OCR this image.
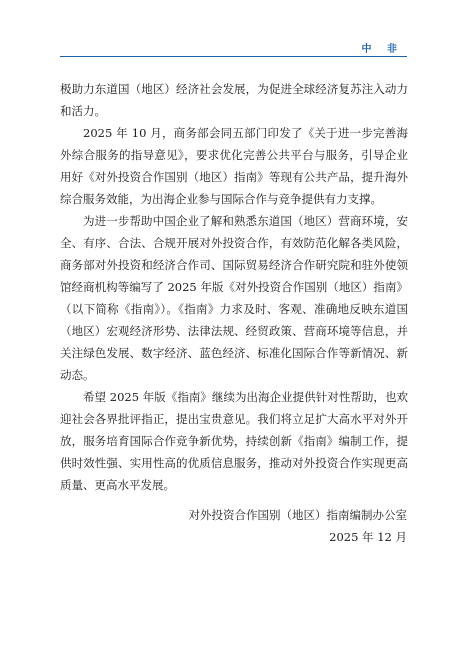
中 非

极助力东道国（地区）经济社会发展，为促进全球经济复苏注入动力和活力。

2025 年 10 月，商务部会同五部门印发了《关于进一步完善海外综合服务的指导意见》，要求优化完善公共平台与服务，引导企业用好《对外投资合作国别（地区）指南》等现有公共产品，提升海外综合服务效能，为出海企业参与国际合作与竞争提供有力支撑。

为进一步帮助中国企业了解和熟悉东道国（地区）营商环境，安全、有序、合法、合规开展对外投资合作，有效防范化解各类风险，商务部对外投资和经济合作司、国际贸易经济合作研究院和驻外使领馆经商机构等编写了 2025 年版《对外投资合作国别（地区）指南》（以下简称《指南》）。《指南》力求及时、客观、准确地反映东道国（地区）宏观经济形势、法律法规、经贸政策、营商环境等信息，并关注绿色发展、数字经济、蓝色经济、标准化国际合作等新情况、新动态。

希望 2025 年版《指南》继续为出海企业提供针对性帮助，也欢迎社会各界批评指正，提出宝贵意见。我们将立足扩大高水平对外开放，服务培育国际合作竞争新优势，持续创新《指南》编制工作，提供时效性强、实用性高的优质信息服务，推动对外投资合作实现更高质量、更高水平发展。

对外投资合作国别（地区）指南编制办公室
2025 年 12 月
